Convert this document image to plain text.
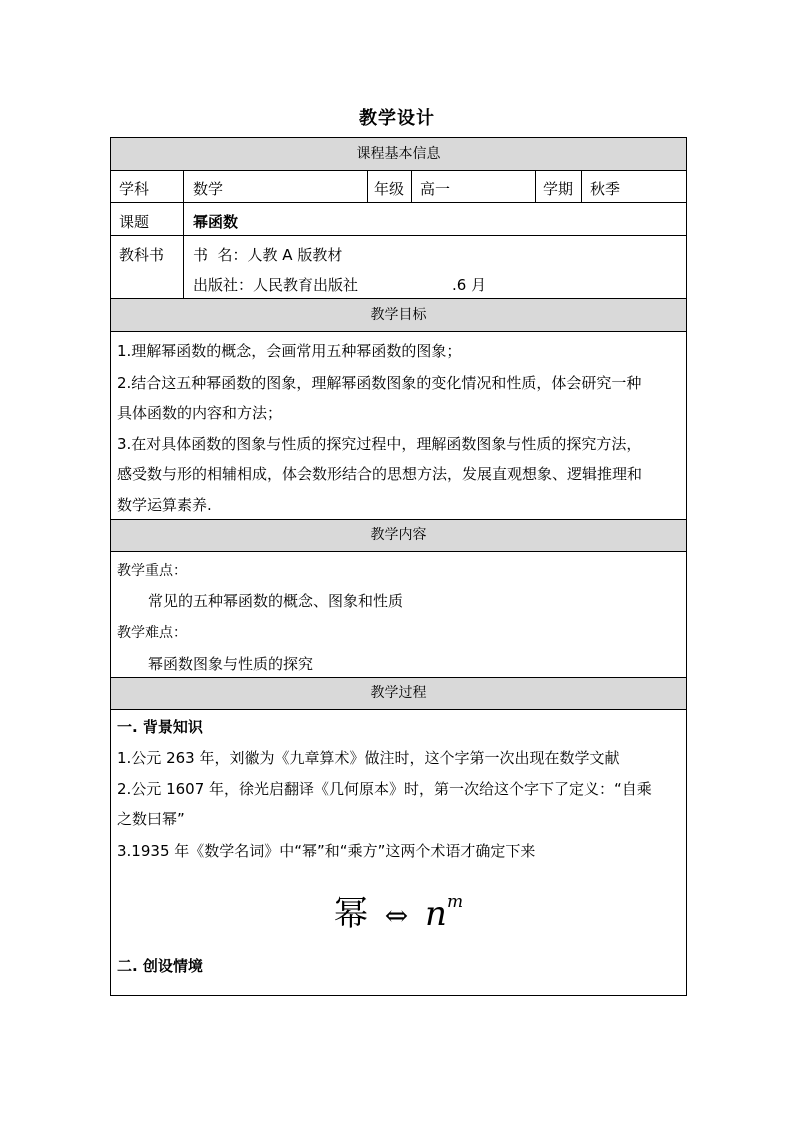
教学设计
课程基本信息
学科	数学	年级 高一	学期 秋季
课题	幂函数
教科书 书  名：人教 A 版教材
出版社：人民教育出版社	.6 月
教学目标
1.理解幂函数的概念，会画常用五种幂函数的图象；
2.结合这五种幂函数的图象，理解幂函数图象的变化情况和性质，体会研究一种
具体函数的内容和方法；
3.在对具体函数的图象与性质的探究过程中，理解函数图象与性质的探究方法，
感受数与形的相辅相成，体会数形结合的思想方法，发展直观想象、逻辑推理和
数学运算素养.
教学内容
教学重点：
常见的五种幂函数的概念、图象和性质
教学难点：
幂函数图象与性质的探究
教学过程
一. 背景知识
1.公元 263 年，刘徽为《九章算术》做注时，这个字第一次出现在数学文献
2.公元 1607 年，徐光启翻译《几何原本》时，第一次给这个字下了定义：“自乘
之数曰幂”
3.1935 年《数学名词》中“幂”和“乘方”这两个术语才确定下来
二. 创设情境
幂 ⇔ $n^m$
